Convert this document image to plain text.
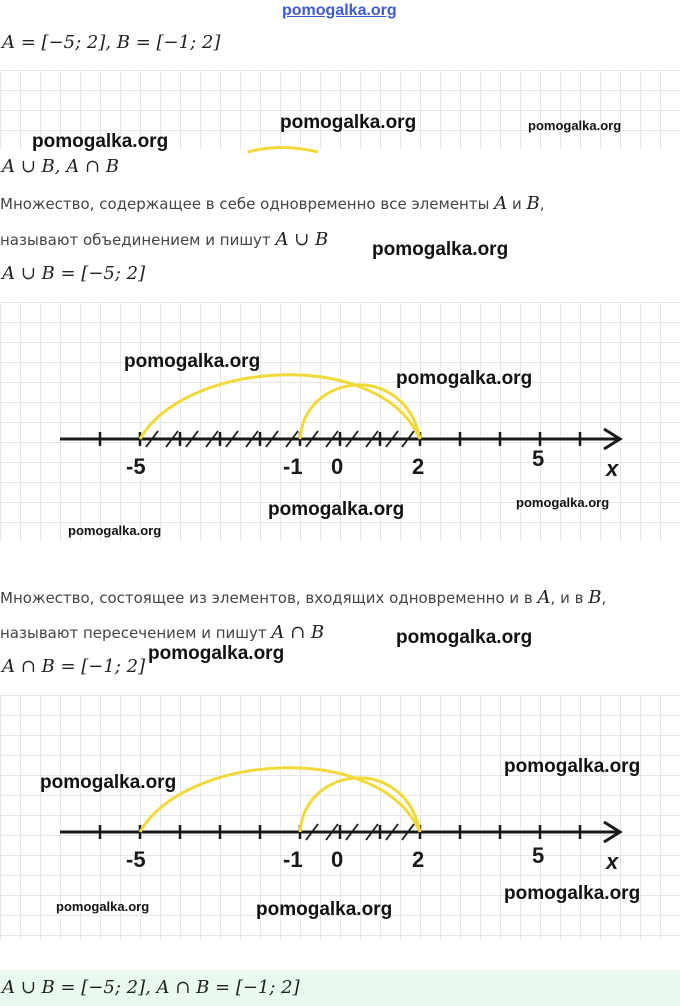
pomogalka.org
A = [−5; 2], B = [−1; 2]
pomogalka.org
pomogalka.org	pomogalka.org
A ∪ B, A ∩ B
Множество, содержащее в себе одновременно все элементы A и B,
называют объединением и пишут A ∪ B pomogalka.org
A ∪ B = [−5; 2]
-5	-1 0	2	5	x
pomogalka.org
pomogalka.org
pomogalka.org	pomogalka.org
pomogalka.org
Множество, состоящее из элементов, входящих одновременно и в A, и в B,
называют пересечением и пишут A ∩ B	pomogalka.org
A ∩ B = [−1; 2]
pomogalka.org
-5	-1 0	2	5	x
pomogalka.org
pomogalka.org
pomogalka.org
pomogalka.org
pomogalka.org
A ∪ B = [−5; 2], A ∩ B = [−1; 2]
